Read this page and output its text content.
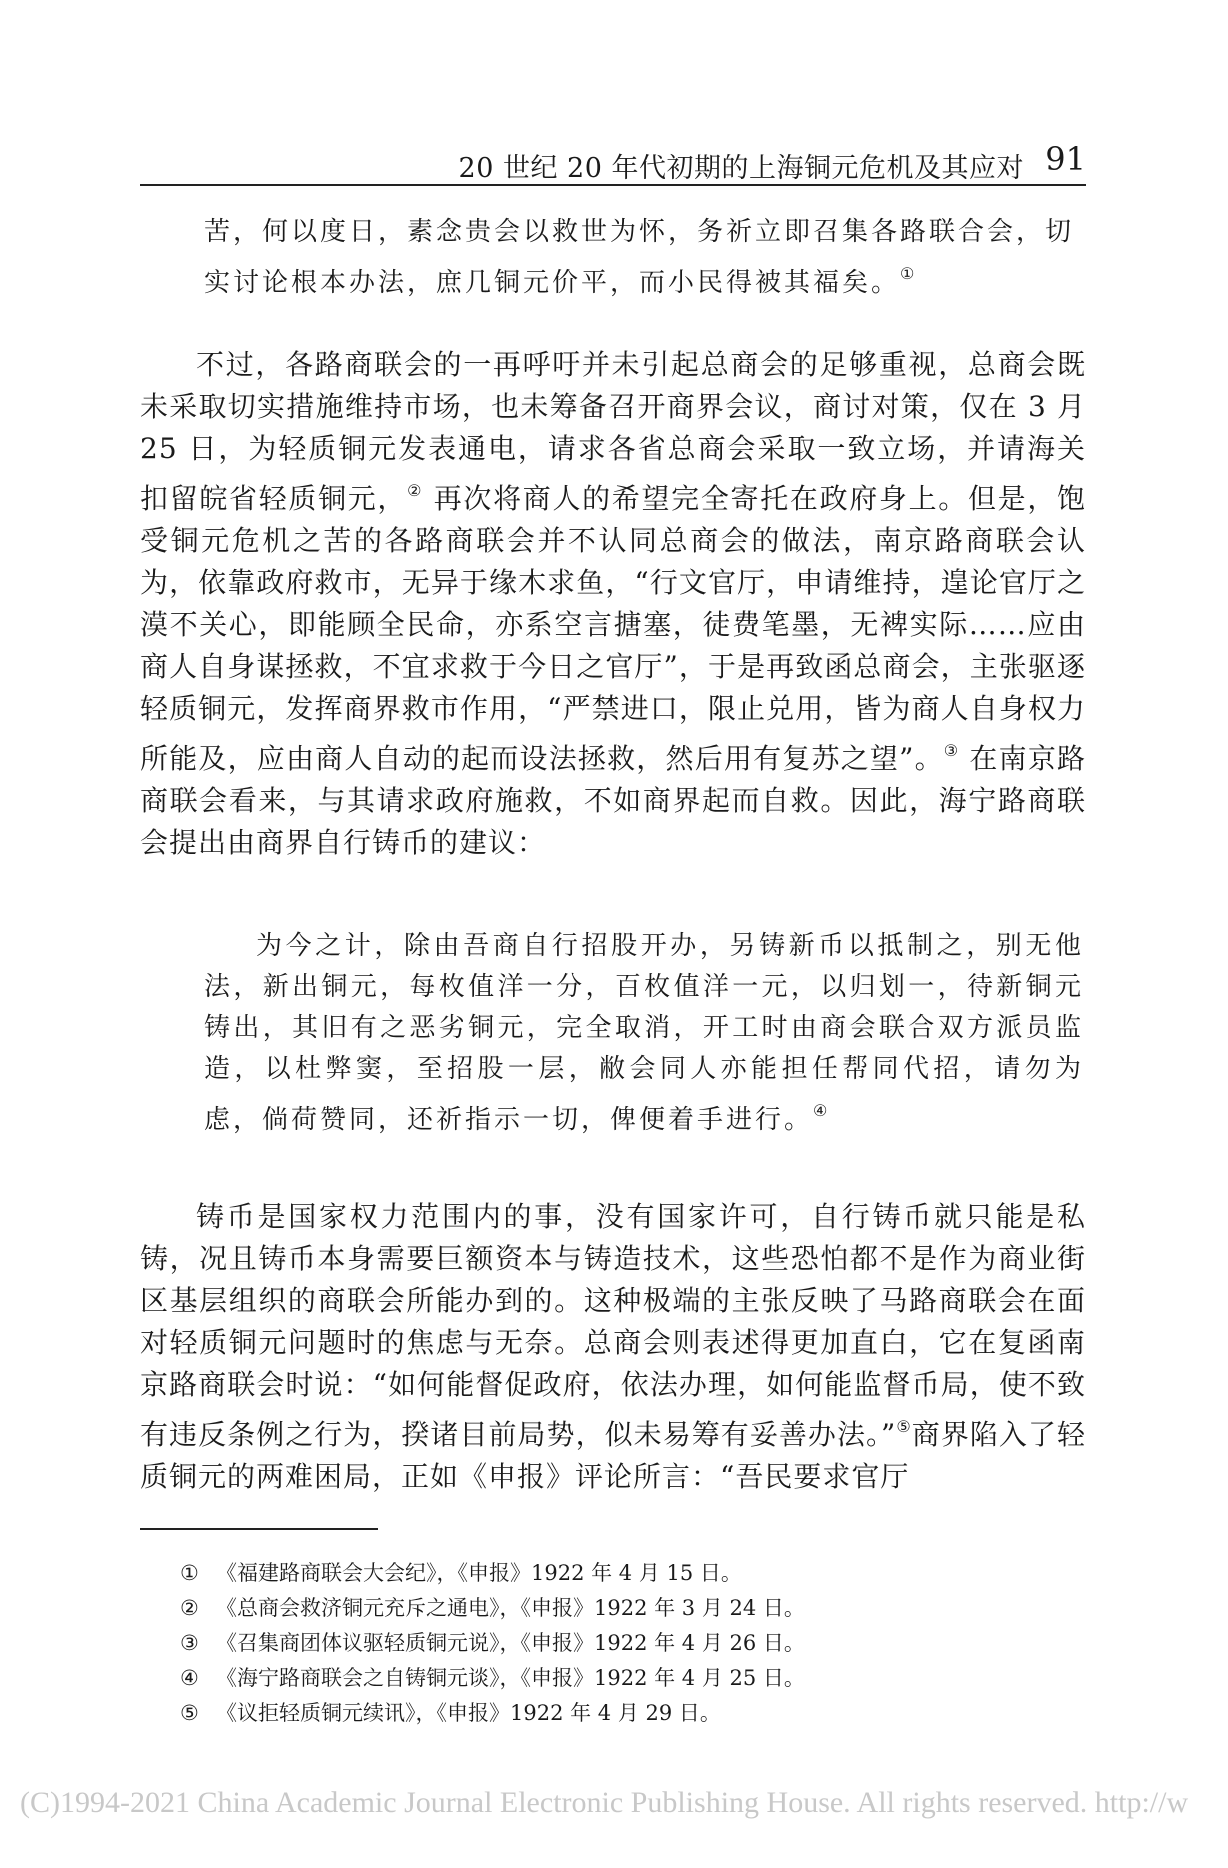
20 世纪 20 年代初期的上海铜元危机及其应对 91

苦，何以度日，素念贵会以救世为怀，务祈立即召集各路联合会，切

实讨论根本办法，庶几铜元价平，而小民得被其福矣。①

不过，各路商联会的一再呼吁并未引起总商会的足够重视，总商会既未采取切实措施维持市场，也未筹备召开商界会议，商讨对策，仅在 3 月 25 日，为轻质铜元发表通电，请求各省总商会采取一致立场，并请海关扣留皖省轻质铜元，② 再次将商人的希望完全寄托在政府身上。但是，饱受铜元危机之苦的各路商联会并不认同总商会的做法，南京路商联会认为，依靠政府救市，无异于缘木求鱼，“行文官厅，申请维持，遑论官厅之漠不关心，即能顾全民命，亦系空言搪塞，徒费笔墨，无裨实际……应由商人自身谋拯救，不宜求救于今日之官厅”，于是再致函总商会，主张驱逐轻质铜元，发挥商界救市作用，“严禁进口，限止兑用，皆为商人自身权力所能及，应由商人自动的起而设法拯救，然后用有复苏之望”。③ 在南京路商联会看来，与其请求政府施救，不如商界起而自救。因此，海宁路商联会提出由商界自行铸币的建议：

为今之计，除由吾商自行招股开办，另铸新币以抵制之，别无他法，新出铜元，每枚值洋一分，百枚值洋一元，以归划一，待新铜元铸出，其旧有之恶劣铜元，完全取消，开工时由商会联合双方派员监造，以杜弊窦，至招股一层，敝会同人亦能担任帮同代招，请勿为虑，倘荷赞同，还祈指示一切，俾便着手进行。④

铸币是国家权力范围内的事，没有国家许可，自行铸币就只能是私铸，况且铸币本身需要巨额资本与铸造技术，这些恐怕都不是作为商业街区基层组织的商联会所能办到的。这种极端的主张反映了马路商联会在面对轻质铜元问题时的焦虑与无奈。总商会则表述得更加直白，它在复函南京路商联会时说：“如何能督促政府，依法办理，如何能监督币局，使不致有违反条例之行为，揆诸目前局势，似未易筹有妥善办法。”⑤商界陷入了轻质铜元的两难困局，正如《申报》评论所言：“吾民要求官厅

① 《福建路商联会大会纪》，《申报》1922 年 4 月 15 日。

② 《总商会救济铜元充斥之通电》，《申报》1922 年 3 月 24 日。

③ 《召集商团体议驱轻质铜元说》，《申报》1922 年 4 月 26 日。

④ 《海宁路商联会之自铸铜元谈》，《申报》1922 年 4 月 25 日。

⑤ 《议拒轻质铜元续讯》，《申报》1922 年 4 月 29 日。

(C)1994-2021 China Academic Journal Electronic Publishing House. All rights reserved. http://w
